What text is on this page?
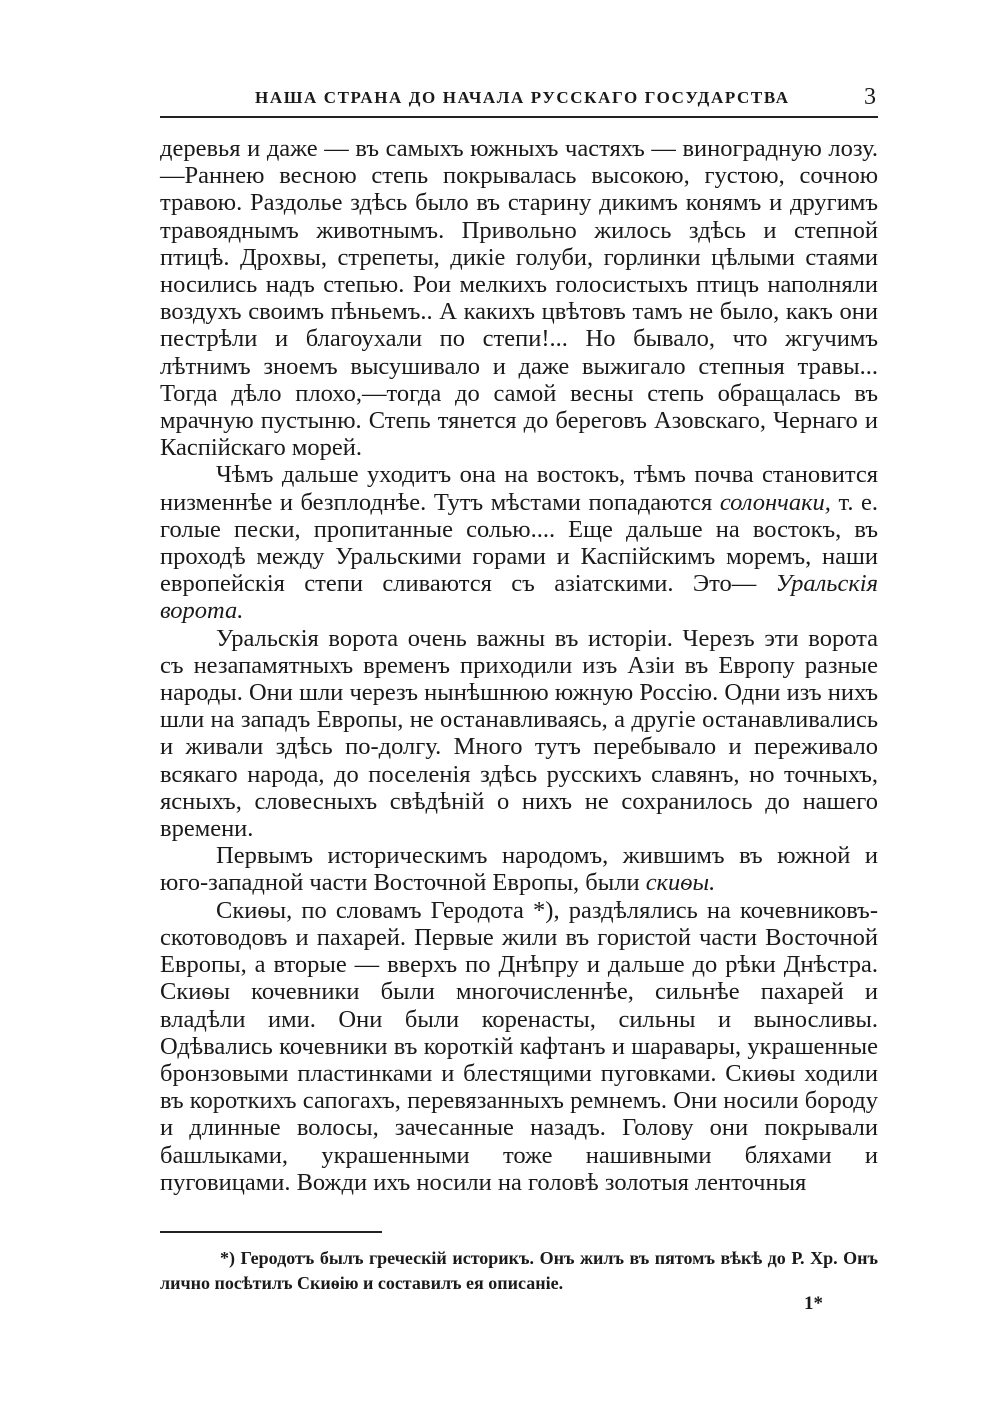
НАША СТРАНА ДО НАЧАЛА РУССКАГО ГОСУДАРСТВА	3

деревья и даже — въ самыхъ южныхъ частяхъ — виноградную лозу.—Раннею весною степь покрывалась высокою, густою, сочною травою. Раздолье здѣсь было въ старину дикимъ конямъ и другимъ травояднымъ животнымъ. Привольно жилось здѣсь и степной птицѣ. Дрохвы, стрепеты, дикіе голуби, горлинки цѣлыми стаями носились надъ степью. Рои мелкихъ голосистыхъ птицъ наполняли воздухъ своимъ пѣньемъ.. А какихъ цвѣтовъ тамъ не было, какъ они пестрѣли и благоухали по степи!... Но бывало, что жгучимъ лѣтнимъ зноемъ высушивало и даже выжигало степныя травы... Тогда дѣло плохо,—тогда до самой весны степь обращалась въ мрачную пустыню. Степь тянется до береговъ Азовскаго, Чернаго и Каспійскаго морей.

Чѣмъ дальше уходитъ она на востокъ, тѣмъ почва становится низменнѣе и безплоднѣе. Тутъ мѣстами попадаются солончаки, т. е. голые пески, пропитанные солью.... Еще дальше на востокъ, въ проходѣ между Уральскими горами и Каспійскимъ моремъ, наши европейскія степи сливаются съ азіатскими. Это— Уральскія ворота.

Уральскія ворота очень важны въ исторіи. Черезъ эти ворота съ незапамятныхъ временъ приходили изъ Азіи въ Европу разные народы. Они шли черезъ нынѣшнюю южную Россію. Одни изъ нихъ шли на западъ Европы, не останавливаясь, а другіе останавливались и живали здѣсь по-долгу. Много тутъ перебывало и переживало всякаго народа, до поселенія здѣсь русскихъ славянъ, но точныхъ, ясныхъ, словесныхъ свѣдѣній о нихъ не сохранилось до нашего времени.

Первымъ историческимъ народомъ, жившимъ въ южной и юго-западной части Восточной Европы, были скиѳы.

Скиѳы, по словамъ Геродота *), раздѣлялись на кочевниковъ-скотоводовъ и пахарей. Первые жили въ гористой части Восточной Европы, а вторые — вверхъ по Днѣпру и дальше до рѣки Днѣстра. Скиѳы кочевники были многочисленнѣе, сильнѣе пахарей и владѣли ими. Они были коренасты, сильны и выносливы. Одѣвались кочевники въ короткій кафтанъ и шаравары, украшенные бронзовыми пластинками и блестящими пуговками. Скиѳы ходили въ короткихъ сапогахъ, перевязанныхъ ремнемъ. Они носили бороду и длинные волосы, зачесанные назадъ. Голову они покрывали башлыками, украшенными тоже нашивными бляхами и пуговицами. Вожди ихъ носили на головѣ золотыя ленточныя

*) Геродотъ былъ греческій историкъ. Онъ жилъ въ пятомъ вѣкѣ до Р. Хр. Онъ лично посѣтилъ Скиѳію и составилъ ея описаніе.

1*
